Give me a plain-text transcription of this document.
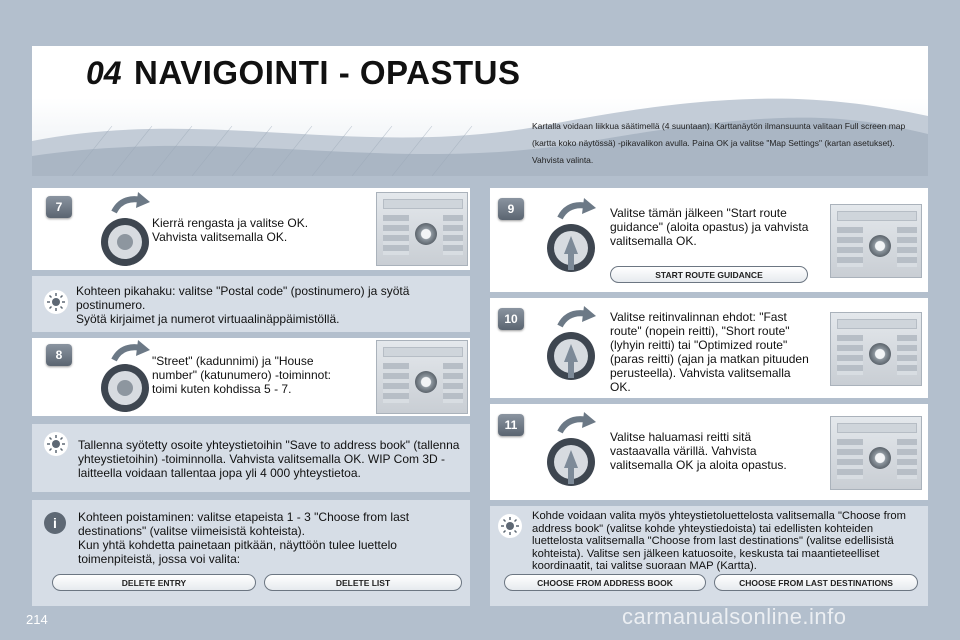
04 NAVIGOINTI - OPASTUS
Kartalla voidaan liikkua säätimellä (4 suuntaan). Karttanäytön ilmansuunta valitaan Full screen map (kartta koko näytössä) -pikavalikon avulla. Paina OK ja valitse "Map Settings" (kartan asetukset). Vahvista valinta.
7
Kierrä rengasta ja valitse OK.
Vahvista valitsemalla OK.
Kohteen pikahaku: valitse "Postal code" (postinumero) ja syötä postinumero.
Syötä kirjaimet ja numerot virtuaalinäppäimistöllä.
8	"Street" (kadunnimi) ja "House number" (katunumero) -toiminnot: toimi kuten kohdissa 5 - 7.
Tallenna syötetty osoite yhteystietoihin "Save to address book" (tallenna yhteystietoihin) -toiminnolla. Vahvista valitsemalla OK. WIP Com 3D -laitteella voidaan tallentaa jopa yli 4 000 yhteystietoa.
i	Kohteen poistaminen: valitse etapeista 1 - 3 "Choose from last destinations" (valitse viimeisistä kohteista).
Kun yhtä kohdetta painetaan pitkään, näyttöön tulee luettelo toimenpiteistä, jossa voi valita:
DELETE ENTRY	DELETE LIST
9	Valitse tämän jälkeen "Start route guidance" (aloita opastus) ja vahvista valitsemalla OK.
START ROUTE GUIDANCE
10	Valitse reitinvalinnan ehdot: "Fast route" (nopein reitti), "Short route" (lyhyin reitti) tai "Optimized route" (paras reitti) (ajan ja matkan pituuden perusteella). Vahvista valitsemalla OK.
11
Valitse haluamasi reitti sitä vastaavalla värillä. Vahvista valitsemalla OK ja aloita opastus.
Kohde voidaan valita myös yhteystietoluettelosta valitsemalla "Choose from address book" (valitse kohde yhteystiedoista) tai edellisten kohteiden luettelosta valitsemalla "Choose from last destinations" (valitse edellisistä kohteista). Valitse sen jälkeen katuosoite, keskusta tai maantieteelliset koordinaatit, tai valitse suoraan MAP (Kartta).
CHOOSE FROM ADDRESS BOOK	CHOOSE FROM LAST DESTINATIONS
214	carmanualsonline.info
